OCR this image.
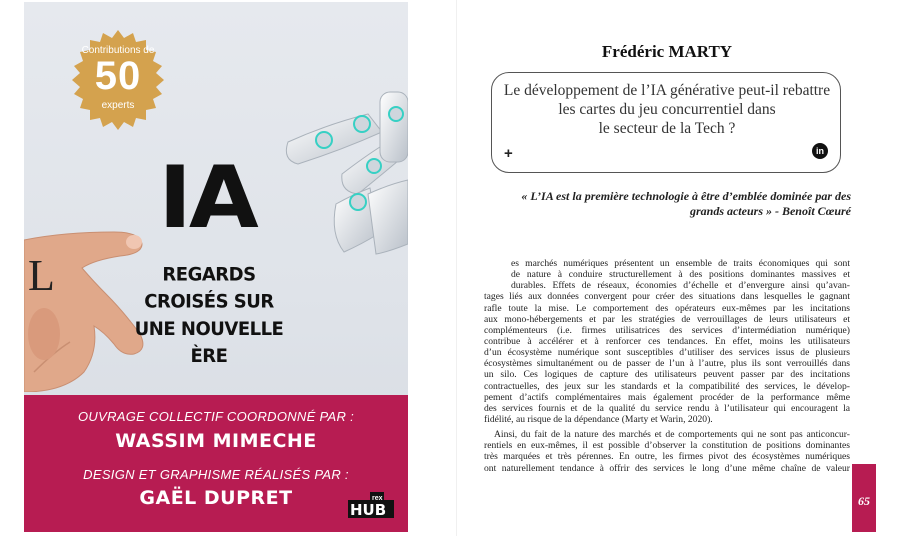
Contributions de
50
experts
IA
REGARDS CROISÉS SUR
UNE NOUVELLE ÈRE
OUVRAGE COLLECTIF COORDONNÉ PAR :
WASSIM MIMECHE
DESIGN ET GRAPHISME RÉALISÉS PAR :
GAËL DUPRET	rex
HUB
Frédéric MARTY
Le développement de l’IA générative peut-il rebattre
les cartes du jeu concurrentiel dans
le secteur de la Tech ?
+	in
« L’IA est la première technologie à être d’emblée dominée par des
grands acteurs » - Benoît Cœuré
L	es marchés numériques présentent un ensemble de traits économiques qui sont
de nature à conduire structurellement à des positions dominantes massives et
durables. Effets de réseaux, économies d’échelle et d’envergure ainsi qu’avan-
tages liés aux données convergent pour créer des situations dans lesquelles le gagnant
rafle toute la mise. Le comportement des opérateurs eux-mêmes par les incitations
aux mono-hébergements et par les stratégies de verrouillages de leurs utilisateurs et
complémenteurs (i.e. firmes utilisatrices des services d’intermédiation numérique)
contribue à accélérer et à renforcer ces tendances. En effet, moins les utilisateurs
d’un écosystème numérique sont susceptibles d’utiliser des services issus de plusieurs
écosystèmes simultanément ou de passer de l’un à l’autre, plus ils sont verrouillés dans
un silo. Ces logiques de capture des utilisateurs peuvent passer par des incitations
contractuelles, des jeux sur les standards et la compatibilité des services, le dévelop-
pement d’actifs complémentaires mais également procéder de la performance même
des services fournis et de la qualité du service rendu à l’utilisateur qui encouragent la
fidélité, au risque de la dépendance (Marty et Warin, 2020).
Ainsi, du fait de la nature des marchés et de comportements qui ne sont pas anticoncur-
rentiels en eux-mêmes, il est possible d’observer la constitution de positions dominantes
très marquées et très pérennes. En outre, les firmes pivot des écosystèmes numériques
ont naturellement tendance à offrir des services le long d’une même chaîne de valeur
65
